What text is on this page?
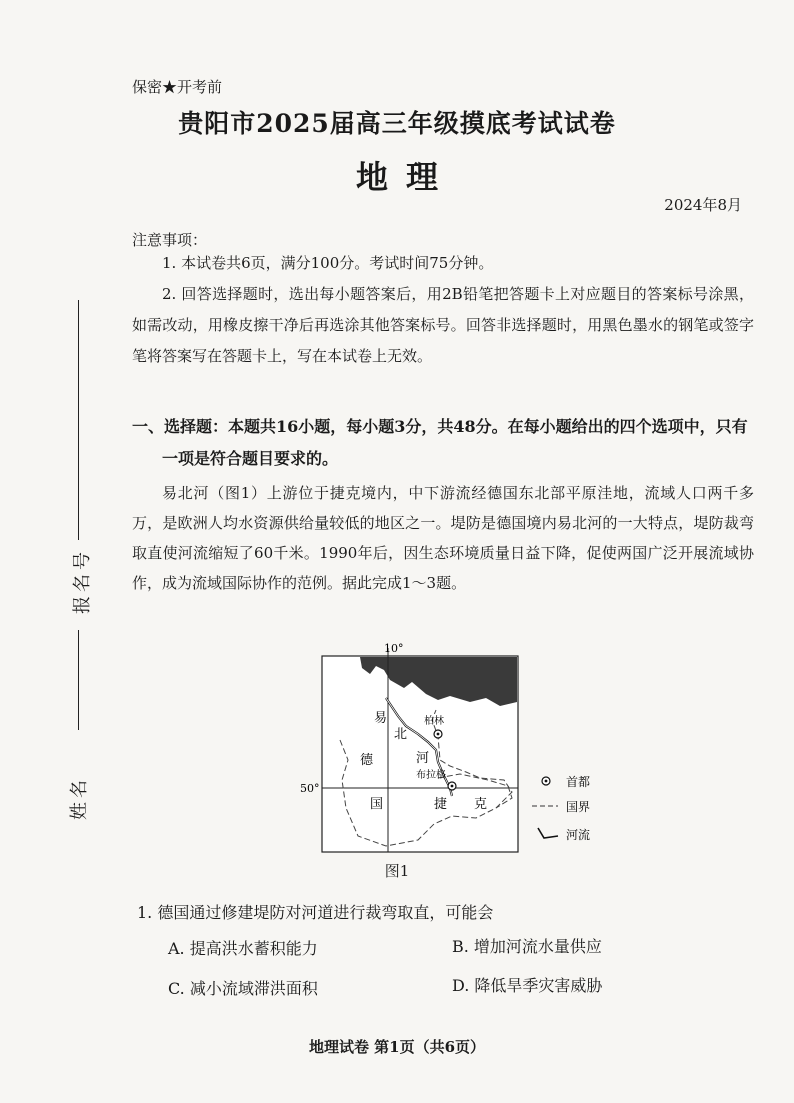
报名号
姓名
保密★开考前
贵阳市2025届高三年级摸底考试试卷
地理
2024年8月
注意事项：
1. 本试卷共6页，满分100分。考试时间75分钟。
2. 回答选择题时，选出每小题答案后，用2B铅笔把答题卡上对应题目的答案标号涂黑，如需改动，用橡皮擦干净后再选涂其他答案标号。回答非选择题时，用黑色墨水的钢笔或签字笔将答案写在答题卡上，写在本试卷上无效。
一、选择题：本题共16小题，每小题3分，共48分。在每小题给出的四个选项中，只有
一项是符合题目要求的。
易北河（图1）上游位于捷克境内，中下游流经德国东北部平原洼地，流域人口两千多万，是欧洲人均水资源供给量较低的地区之一。堤防是德国境内易北河的一大特点，堤防裁弯取直使河流缩短了60千米。1990年后，因生态环境质量日益下降，促使两国广泛开展流域协作，成为流域国际协作的范例。据此完成1～3题。
10°
50°
易
北
河
德
国	捷 克
柏林
布拉格	首都
国界
河流
图1
1. 德国通过修建堤防对河道进行裁弯取直，可能会
A. 提高洪水蓄积能力	B. 增加河流水量供应
C. 减小流域滞洪面积	D. 降低旱季灾害威胁
地理试卷 第1页（共6页）
